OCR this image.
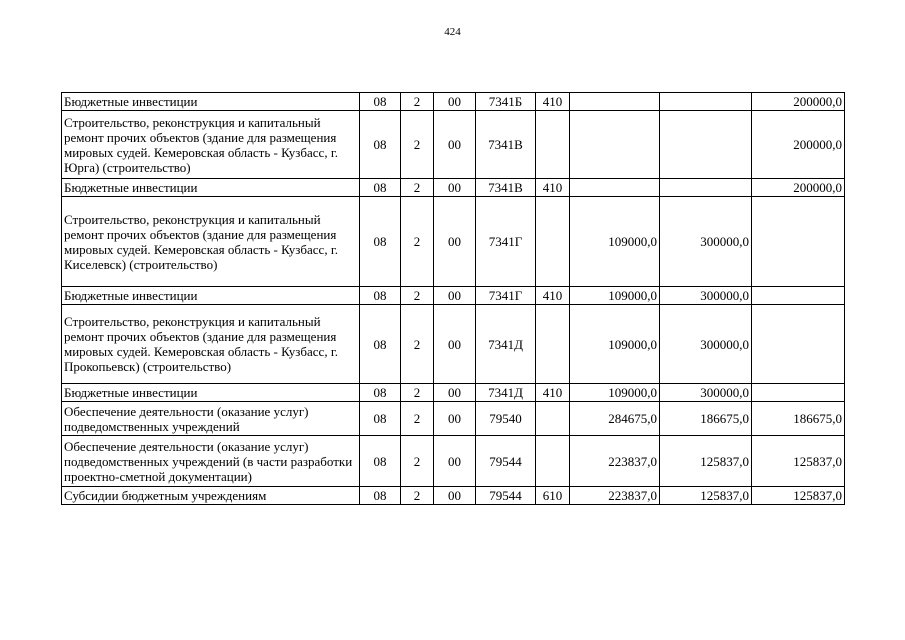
424
Бюджетные инвестиции	08	2	00	7341Б	410			200000,0
Строительство, реконструкция и капитальный ремонт прочих объектов (здание для размещения мировых судей. Кемеровская область - Кузбасс, г. Юрга) (строительство)	08	2	00	7341В				200000,0
Бюджетные инвестиции	08	2	00	7341В	410			200000,0
Строительство, реконструкция и капитальный ремонт прочих объектов (здание для размещения мировых судей. Кемеровская область - Кузбасс, г. Киселевск) (строительство)	08	2	00	7341Г		109000,0	300000,0	
Бюджетные инвестиции	08	2	00	7341Г	410	109000,0	300000,0	
Строительство, реконструкция и капитальный ремонт прочих объектов (здание для размещения мировых судей. Кемеровская область - Кузбасс, г. Прокопьевск) (строительство)	08	2	00	7341Д		109000,0	300000,0	
Бюджетные инвестиции	08	2	00	7341Д	410	109000,0	300000,0	
Обеспечение деятельности (оказание услуг) подведомственных учреждений	08	2	00	79540		284675,0	186675,0	186675,0
Обеспечение деятельности (оказание услуг) подведомственных учреждений (в части разработки проектно-сметной документации)	08	2	00	79544		223837,0	125837,0	125837,0
Субсидии бюджетным учреждениям	08	2	00	79544	610	223837,0	125837,0	125837,0
